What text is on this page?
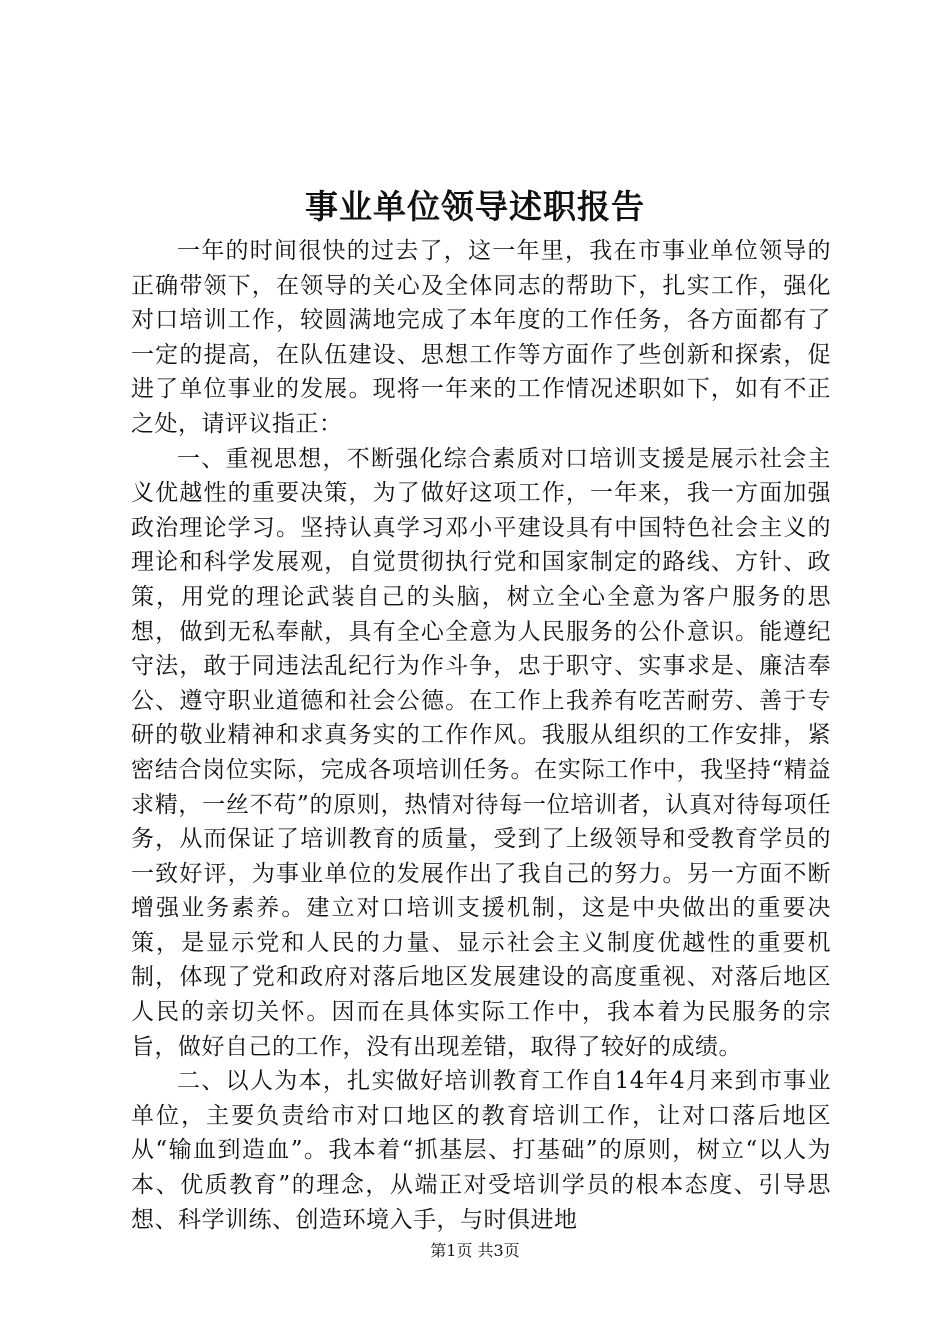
事业单位领导述职报告

一年的时间很快的过去了，这一年里，我在市事业单位领导的正确带领下，在领导的关心及全体同志的帮助下，扎实工作，强化对口培训工作，较圆满地完成了本年度的工作任务，各方面都有了一定的提高，在队伍建设、思想工作等方面作了些创新和探索，促进了单位事业的发展。现将一年来的工作情况述职如下，如有不正之处，请评议指正：

一、重视思想，不断强化综合素质对口培训支援是展示社会主义优越性的重要决策，为了做好这项工作，一年来，我一方面加强政治理论学习。坚持认真学习邓小平建设具有中国特色社会主义的理论和科学发展观，自觉贯彻执行党和国家制定的路线、方针、政策，用党的理论武装自己的头脑，树立全心全意为客户服务的思想，做到无私奉献，具有全心全意为人民服务的公仆意识。能遵纪守法，敢于同违法乱纪行为作斗争，忠于职守、实事求是、廉洁奉公、遵守职业道德和社会公德。在工作上我养有吃苦耐劳、善于专研的敬业精神和求真务实的工作作风。我服从组织的工作安排，紧密结合岗位实际，完成各项培训任务。在实际工作中，我坚持“精益求精，一丝不苟”的原则，热情对待每一位培训者，认真对待每项任务，从而保证了培训教育的质量，受到了上级领导和受教育学员的一致好评，为事业单位的发展作出了我自己的努力。另一方面不断增强业务素养。建立对口培训支援机制，这是中央做出的重要决策，是显示党和人民的力量、显示社会主义制度优越性的重要机制，体现了党和政府对落后地区发展建设的高度重视、对落后地区人民的亲切关怀。因而在具体实际工作中，我本着为民服务的宗旨，做好自己的工作，没有出现差错，取得了较好的成绩。

二、以人为本，扎实做好培训教育工作自14年4月来到市事业单位，主要负责给市对口地区的教育培训工作，让对口落后地区从“输血到造血”。我本着“抓基层、打基础”的原则，树立“以人为本、优质教育”的理念，从端正对受培训学员的根本态度、引导思想、科学训练、创造环境入手，与时俱进地

第1页 共3页
